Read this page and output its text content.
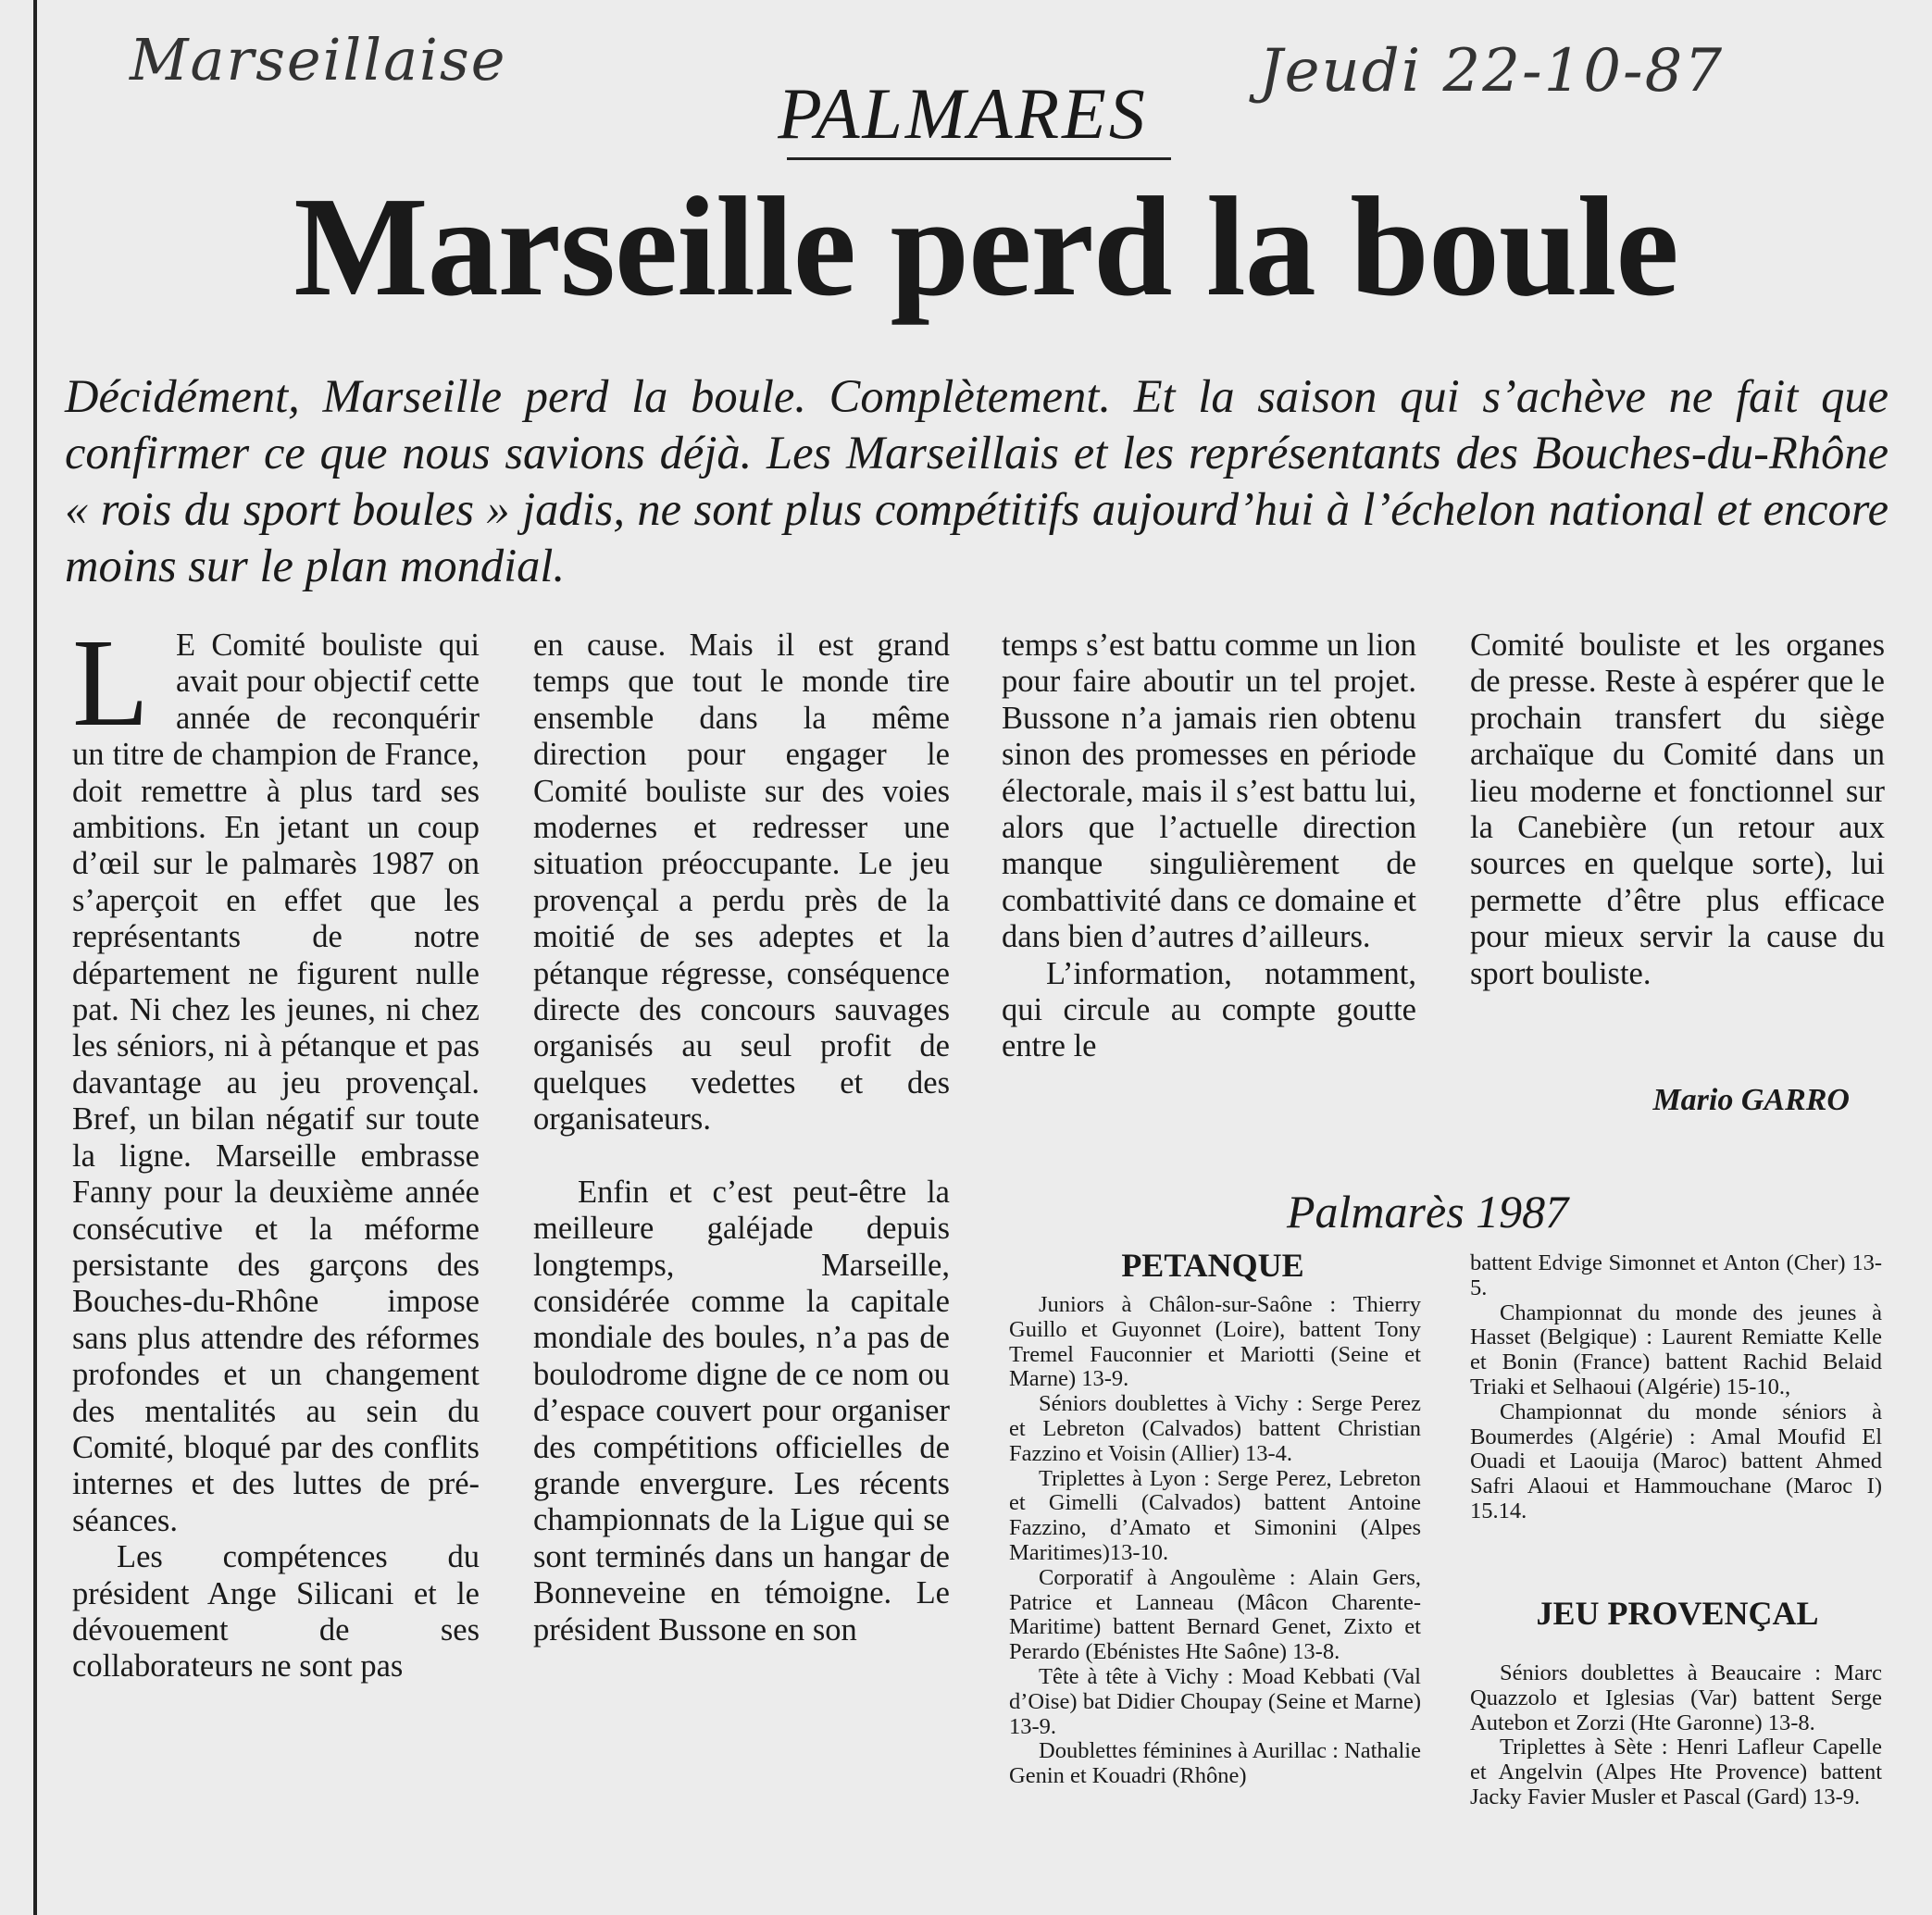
Marseillaise	Jeudi 22-10-87
PALMARES
Marseille perd la boule
Décidément, Marseille perd la boule. Complètement. Et la saison qui s’achève ne fait que confirmer ce que nous savions déjà. Les Marseillais et les représentants des Bouches-du-Rhône « rois du sport boules » jadis, ne sont plus compétitifs aujourd’hui à l’échelon national et encore moins sur le plan mondial.
L E Comité bouliste qui avait pour objectif cette année de reconquérir un titre de champion de France, doit remettre à plus tard ses ambitions. En jetant un coup d’œil sur le palmarès 1987 on s’aperçoit en effet que les représentants de notre département ne figurent nulle pat. Ni chez les jeunes, ni chez les séniors, ni à pétanque et pas davantage au jeu provençal. Bref, un bilan négatif sur toute la ligne. Marseille embrasse Fanny pour la deuxième année consécutive et la méforme persistante des garçons des Bouches-du-Rhône impose sans plus attendre des réformes profondes et un changement des mentalités au sein du Comité, bloqué par des conflits internes et des luttes de pré-séances.

Les compétences du président Ange Silicani et le dévouement de ses collaborateurs ne sont pas

en cause. Mais il est grand temps que tout le monde tire ensemble dans la même direction pour engager le Comité bouliste sur des voies modernes et redresser une situation préoccupante. Le jeu provençal a perdu près de la moitié de ses adeptes et la pétanque régresse, conséquence directe des concours sauvages organisés au seul profit de quelques vedettes et des organisateurs.

Enfin et c’est peut-être la meilleure galéjade depuis longtemps, Marseille, considérée comme la capitale mondiale des boules, n’a pas de boulodrome digne de ce nom ou d’espace couvert pour organiser des compétitions officielles de grande envergure. Les récents championnats de la Ligue qui se sont terminés dans un hangar de Bonneveine en témoigne. Le président Bussone en son

temps s’est battu comme un lion pour faire aboutir un tel projet. Bussone n’a jamais rien obtenu sinon des promesses en période électorale, mais il s’est battu lui, alors que l’actuelle direction manque singulièrement de combattivité dans ce domaine et dans bien d’autres d’ailleurs.

L’information, notamment, qui circule au compte goutte entre le

Comité bouliste et les organes de presse. Reste à espérer que le prochain transfert du siège archaïque du Comité dans un lieu moderne et fonctionnel sur la Canebière (un retour aux sources en quelque sorte), lui permette d’être plus efficace pour mieux servir la cause du sport bouliste.

Mario GARRO
Palmarès 1987
PETANQUE

Juniors à Châlon-sur-Saône : Thierry Guillo et Guyonnet (Loire), battent Tony Tremel Fauconnier et Mariotti (Seine et Marne) 13-9.

Séniors doublettes à Vichy : Serge Perez et Lebreton (Calvados) battent Christian Fazzino et Voisin (Allier) 13-4.

Triplettes à Lyon : Serge Perez, Lebreton et Gimelli (Calvados) battent Antoine Fazzino, d’Amato et Simonini (Alpes Maritimes)13-10.

Corporatif à Angoulème : Alain Gers, Patrice et Lanneau (Mâcon Charente-Maritime) battent Bernard Genet, Zixto et Perardo (Ebénistes Hte Saône) 13-8.

Tête à tête à Vichy : Moad Kebbati (Val d’Oise) bat Didier Choupay (Seine et Marne) 13-9.

Doublettes féminines à Aurillac : Nathalie Genin et Kouadri (Rhône)

battent Edvige Simonnet et Anton (Cher) 13-5.

Championnat du monde des jeunes à Hasset (Belgique) : Laurent Remiatte Kelle et Bonin (France) battent Rachid Belaid Triaki et Selhaoui (Algérie) 15-10.,

Championnat du monde séniors à Boumerdes (Algérie) : Amal Moufid El Ouadi et Laouija (Maroc) battent Ahmed Safri Alaoui et Hammouchane (Maroc I) 15.14.

JEU PROVENÇAL

Séniors doublettes à Beaucaire : Marc Quazzolo et Iglesias (Var) battent Serge Autebon et Zorzi (Hte Garonne) 13-8.

Triplettes à Sète : Henri Lafleur Capelle et Angelvin (Alpes Hte Provence) battent Jacky Favier Musler et Pascal (Gard) 13-9.
